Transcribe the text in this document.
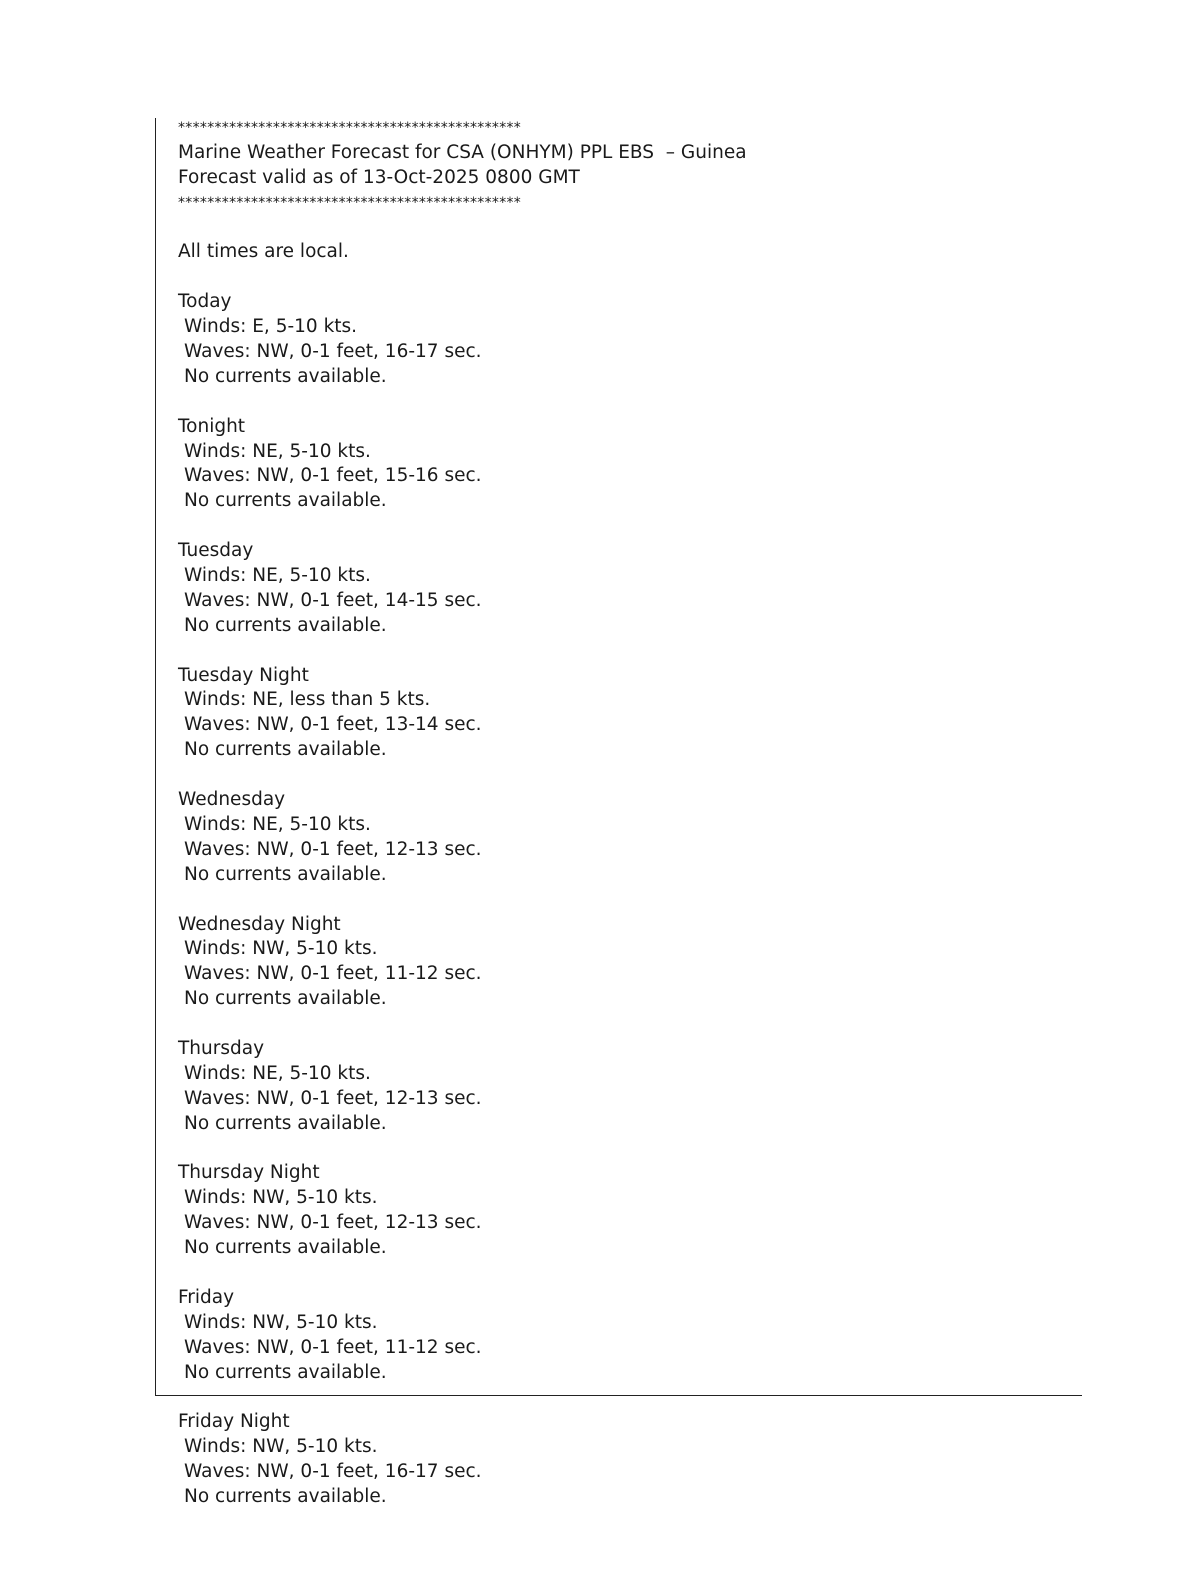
***********************************************
Marine Weather Forecast for CSA (ONHYM) PPL EBS  – Guinea
Forecast valid as of 13-Oct-2025 0800 GMT
***********************************************
All times are local.
Today
Winds: E, 5-10 kts.
Waves: NW, 0-1 feet, 16-17 sec.
No currents available.
Tonight
Winds: NE, 5-10 kts.
Waves: NW, 0-1 feet, 15-16 sec.
No currents available.
Tuesday
Winds: NE, 5-10 kts.
Waves: NW, 0-1 feet, 14-15 sec.
No currents available.
Tuesday Night
Winds: NE, less than 5 kts.
Waves: NW, 0-1 feet, 13-14 sec.
No currents available.
Wednesday
Winds: NE, 5-10 kts.
Waves: NW, 0-1 feet, 12-13 sec.
No currents available.
Wednesday Night
Winds: NW, 5-10 kts.
Waves: NW, 0-1 feet, 11-12 sec.
No currents available.
Thursday
Winds: NE, 5-10 kts.
Waves: NW, 0-1 feet, 12-13 sec.
No currents available.
Thursday Night
Winds: NW, 5-10 kts.
Waves: NW, 0-1 feet, 12-13 sec.
No currents available.
Friday
Winds: NW, 5-10 kts.
Waves: NW, 0-1 feet, 11-12 sec.
No currents available.
Friday Night
Winds: NW, 5-10 kts.
Waves: NW, 0-1 feet, 16-17 sec.
No currents available.
